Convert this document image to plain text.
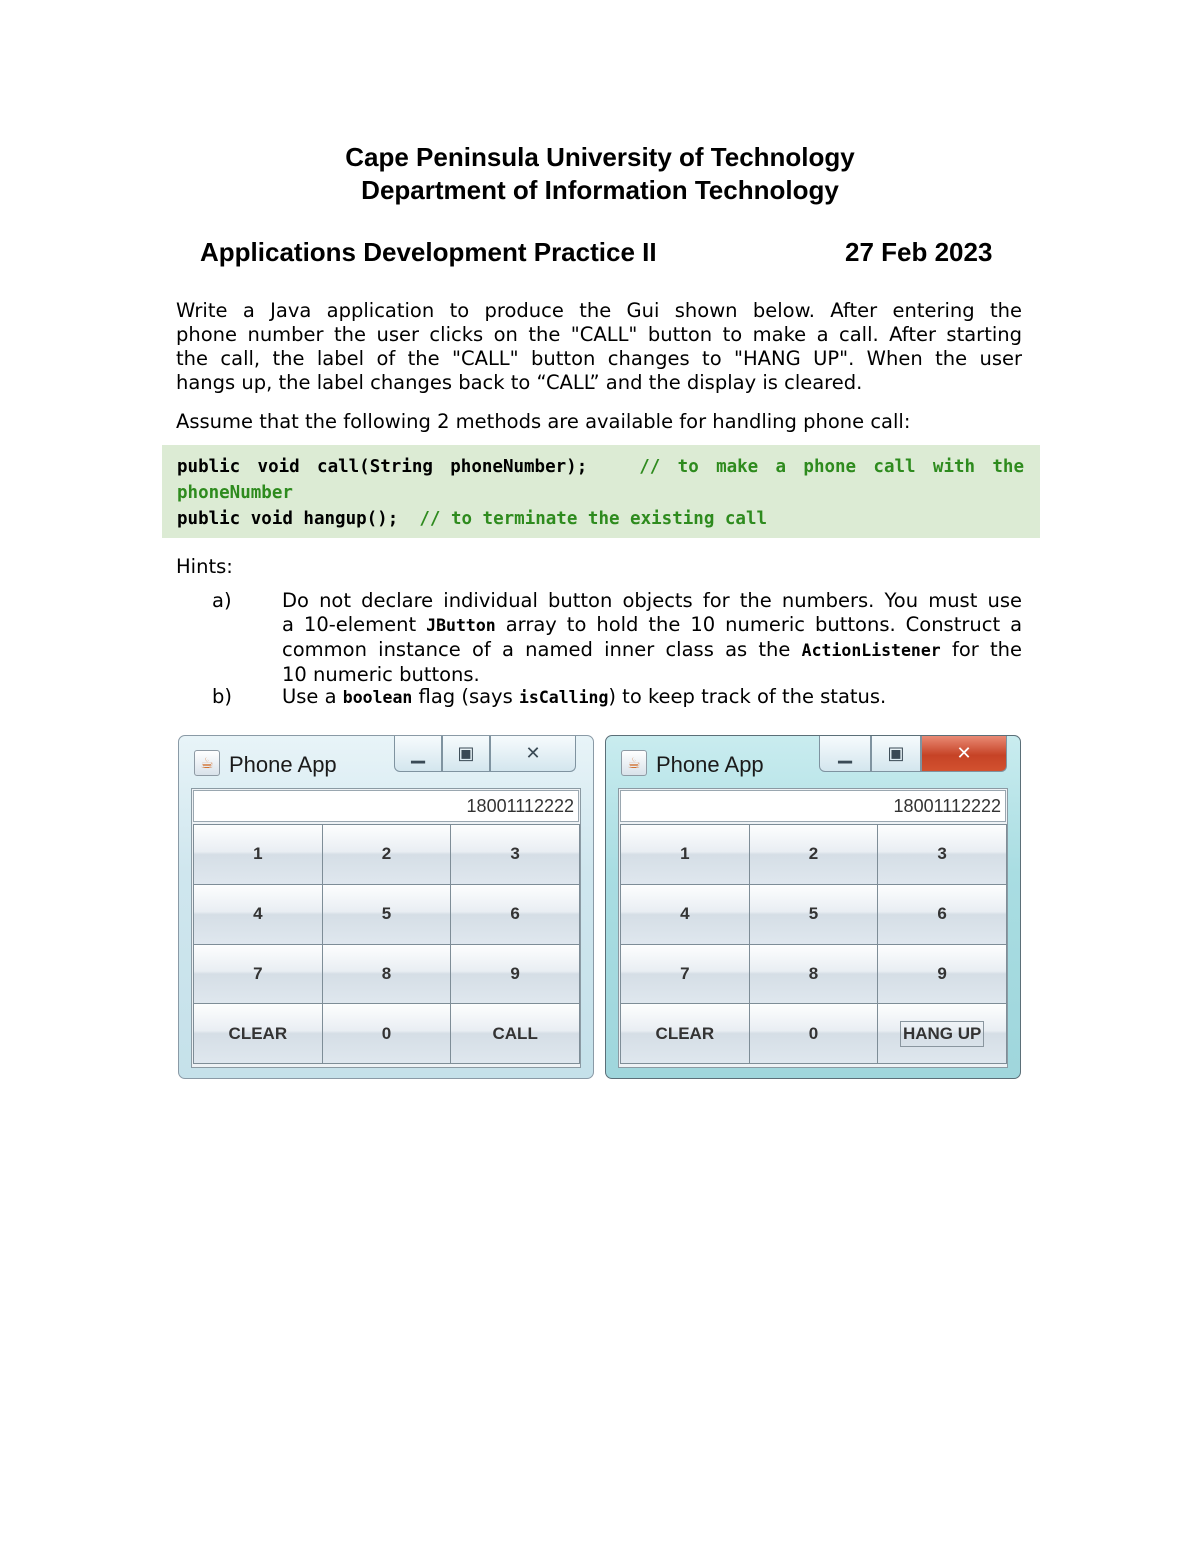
Cape Peninsula University of Technology
Department of Information Technology
Applications Development Practice II	27 Feb 2023
Write a Java application to produce the Gui shown below. After entering the
phone number the user clicks on the "CALL" button to make a call. After starting
the call, the label of the "CALL" button changes to "HANG UP". When the user
hangs up, the label changes back to “CALL” and the display is cleared.
Assume that the following 2 methods are available for handling phone call:
public void call(String phoneNumber);	// to make a phone call with the
phoneNumber
public void hangup(); // to terminate the existing call
Hints:
a)	Do not declare individual button objects for the numbers. You must use
a 10-element JButton array to hold the 10 numeric buttons. Construct a
common instance of a named inner class as the ActionListener for the
10 numeric buttons.
b)	Use a boolean flag (says isCalling) to keep track of the status.
☕ Phone App	▁	▣	✕
18001112222
1	2	3
4	5	6
7	8	9
CLEAR	0	CALL
☕ Phone App	▁	▣	✕
18001112222
1	2	3
4	5	6
7	8	9
CLEAR	0	HANG UP
